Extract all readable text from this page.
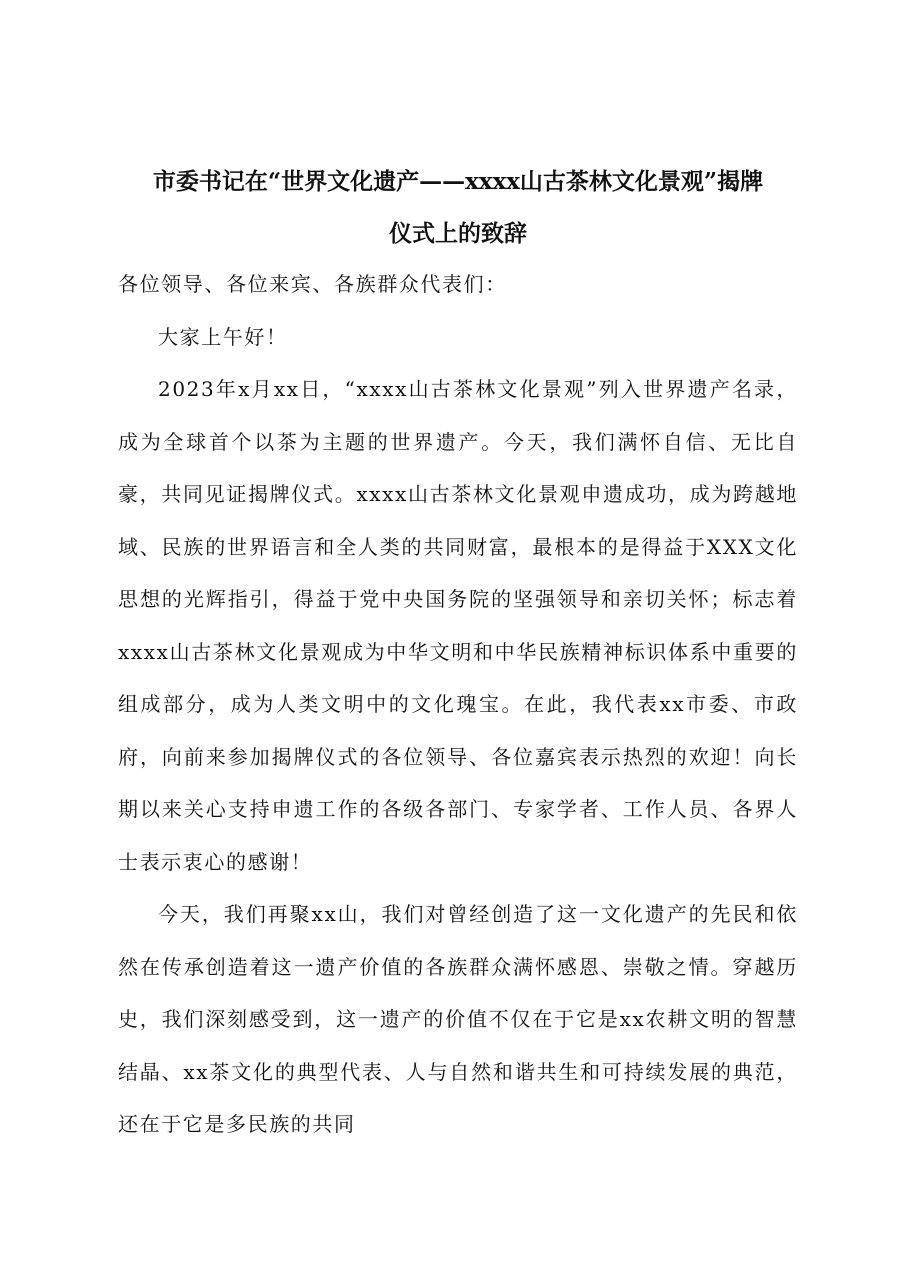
市委书记在“世界文化遗产——xxxx山古茶林文化景观”揭牌
仪式上的致辞

各位领导、各位来宾、各族群众代表们：

大家上午好！

2023年x月xx日，“xxxx山古茶林文化景观”列入世界遗产名录，成为全球首个以茶为主题的世界遗产。今天，我们满怀自信、无比自豪，共同见证揭牌仪式。xxxx山古茶林文化景观申遗成功，成为跨越地域、民族的世界语言和全人类的共同财富，最根本的是得益于XXX文化思想的光辉指引，得益于党中央国务院的坚强领导和亲切关怀；标志着xxxx山古茶林文化景观成为中华文明和中华民族精神标识体系中重要的组成部分，成为人类文明中的文化瑰宝。在此，我代表xx市委、市政府，向前来参加揭牌仪式的各位领导、各位嘉宾表示热烈的欢迎！向长期以来关心支持申遗工作的各级各部门、专家学者、工作人员、各界人士表示衷心的感谢！

今天，我们再聚xx山，我们对曾经创造了这一文化遗产的先民和依然在传承创造着这一遗产价值的各族群众满怀感恩、崇敬之情。穿越历史，我们深刻感受到，这一遗产的价值不仅在于它是xx农耕文明的智慧结晶、xx茶文化的典型代表、人与自然和谐共生和可持续发展的典范，还在于它是多民族的共同
